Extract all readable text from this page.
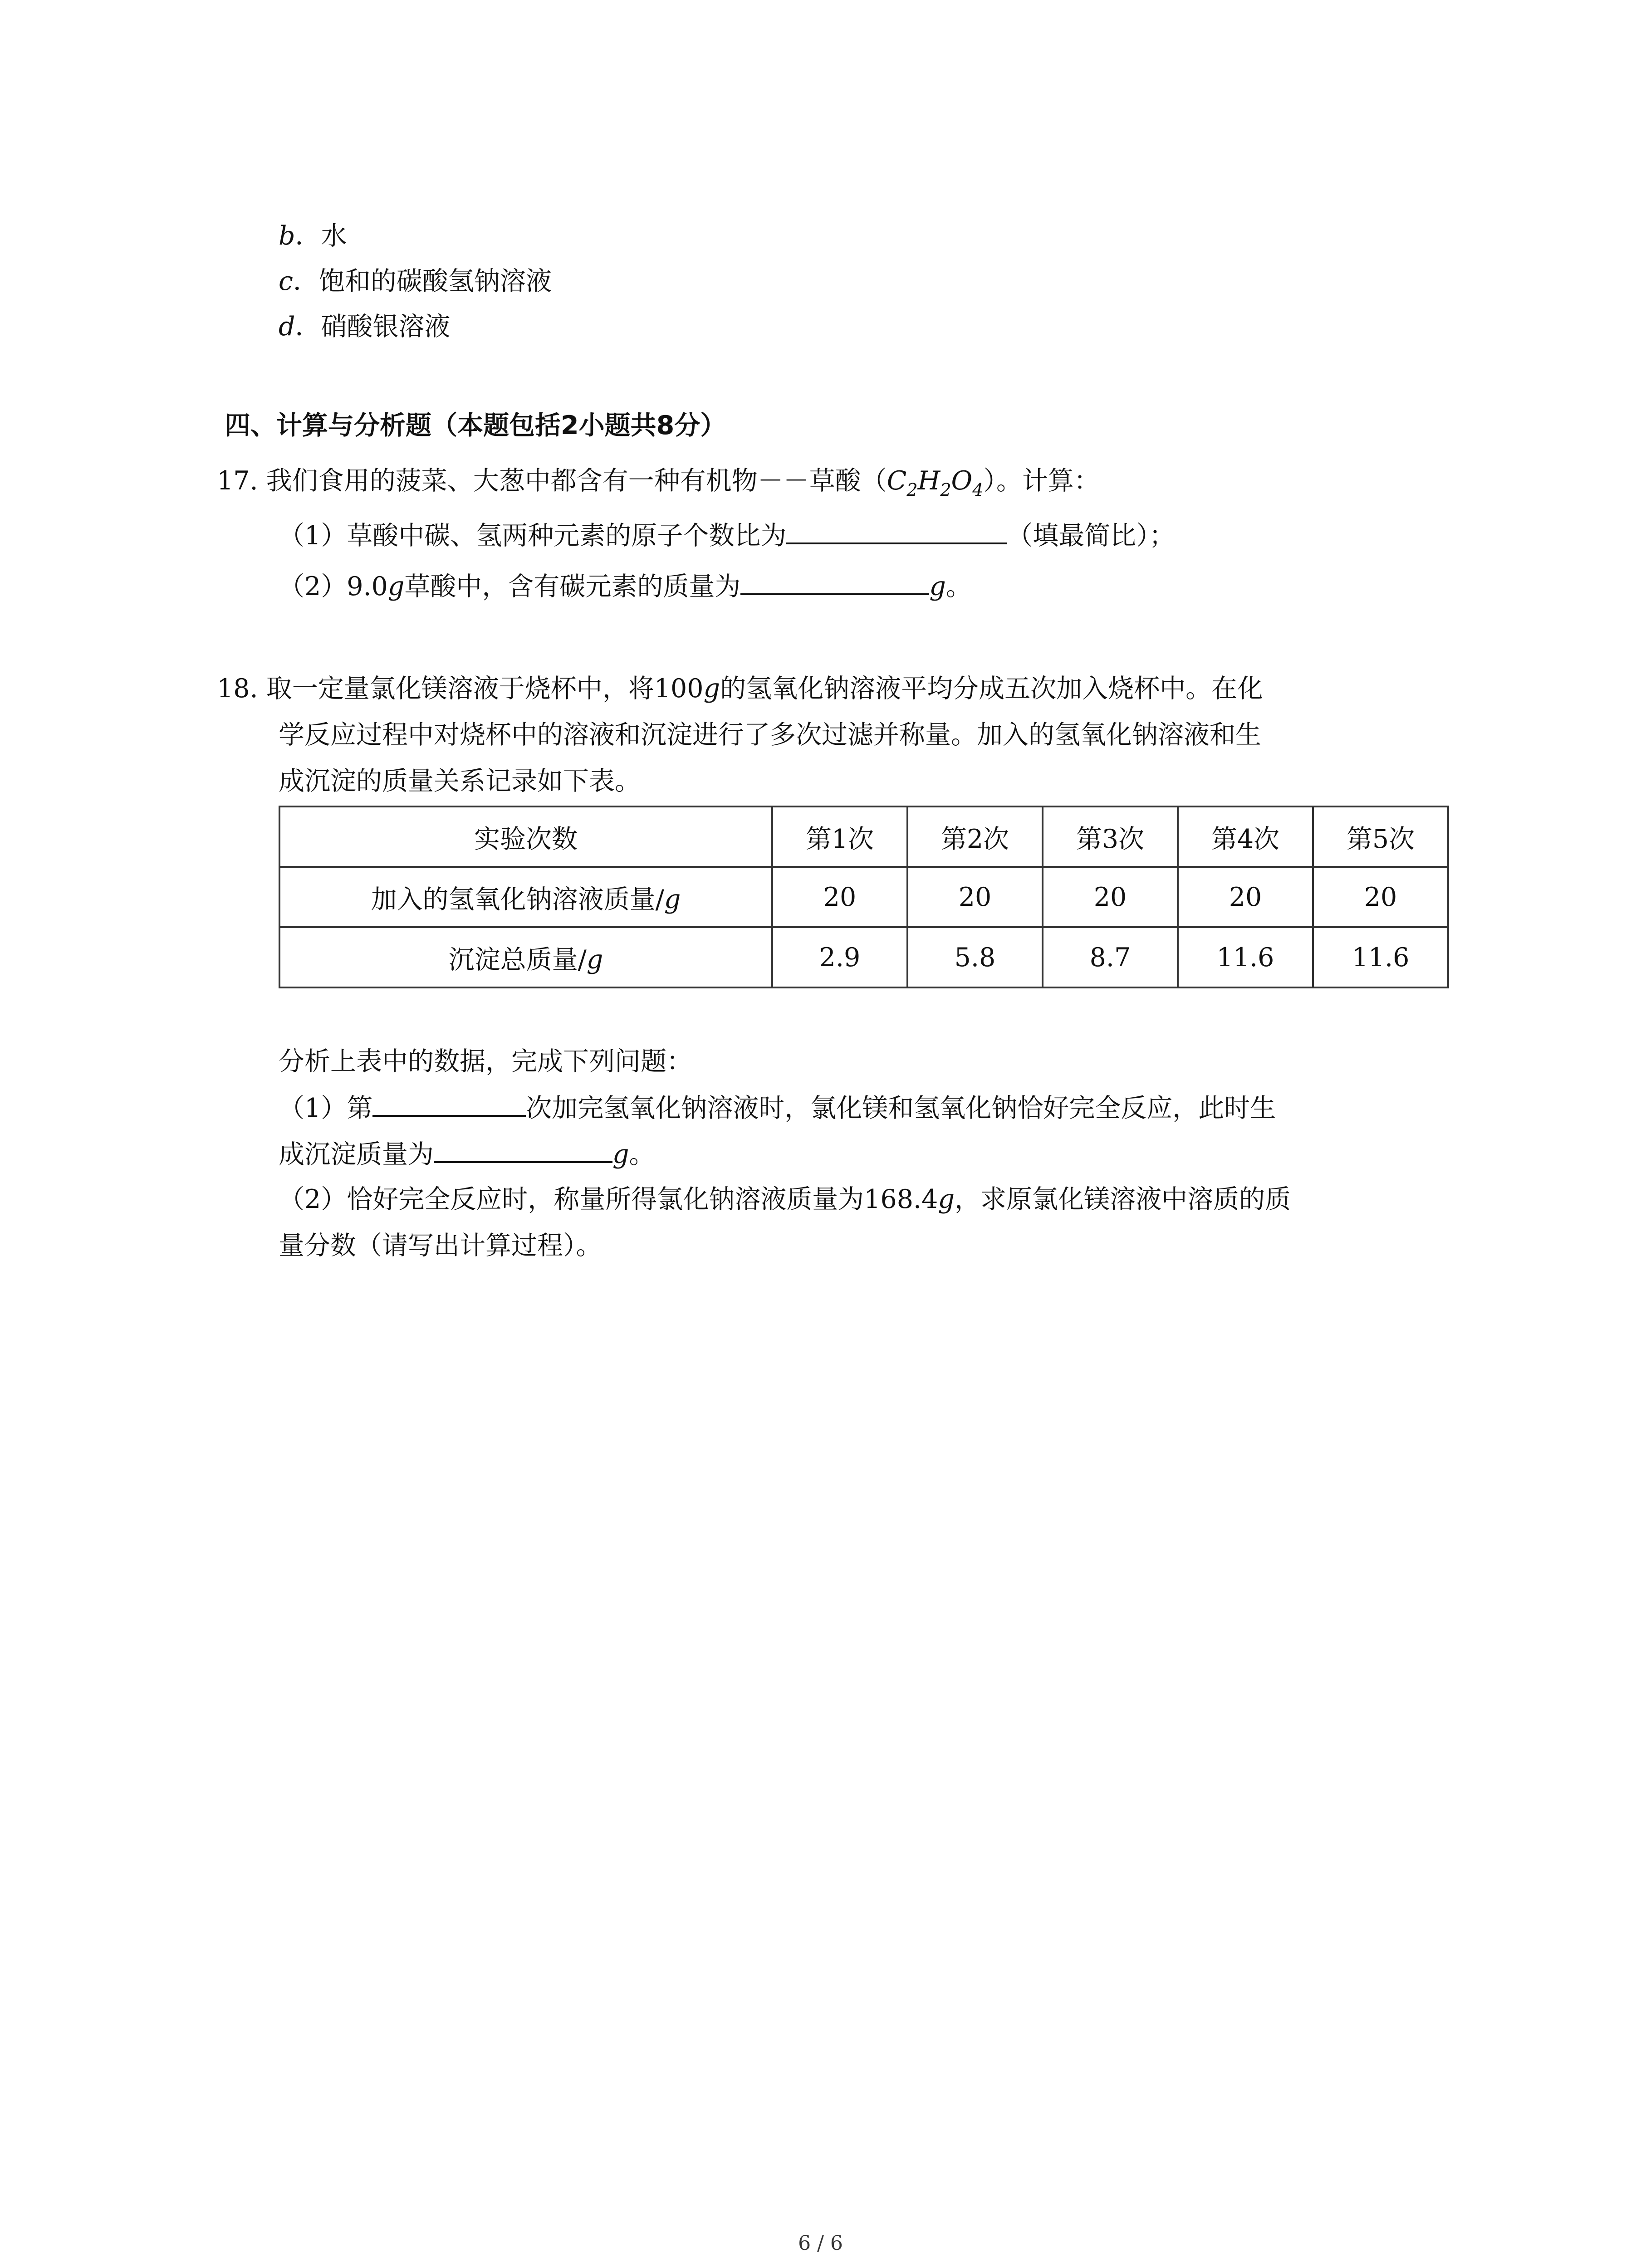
b．水
c．饱和的碳酸氢钠溶液
d．硝酸银溶液
四、计算与分析题（本题包括2小题共8分）
17. 我们食用的菠菜、大葱中都含有一种有机物－－草酸$(C_2H_2O_4)$。计算：
（1）草酸中碳、氢两种元素的原子个数比为	（填最简比）；
（2）9.0g草酸中，含有碳元素的质量为	g。
18. 取一定量氯化镁溶液于烧杯中，将100g的氢氧化钠溶液平均分成五次加入烧杯中。在化
学反应过程中对烧杯中的溶液和沉淀进行了多次过滤并称量。加入的氢氧化钠溶液和生
成沉淀的质量关系记录如下表。
实验次数	第1次	第2次	第3次	第4次	第5次
加入的氢氧化钠溶液质量/g	20	20	20	20	20
沉淀总质量/g	2.9	5.8	8.7	11.6	11.6
分析上表中的数据，完成下列问题：
（1）第	次加完氢氧化钠溶液时，氯化镁和氢氧化钠恰好完全反应，此时生
成沉淀质量为	g。
（2）恰好完全反应时，称量所得氯化钠溶液质量为168.4g，求原氯化镁溶液中溶质的质
量分数（请写出计算过程）。
6 / 6
